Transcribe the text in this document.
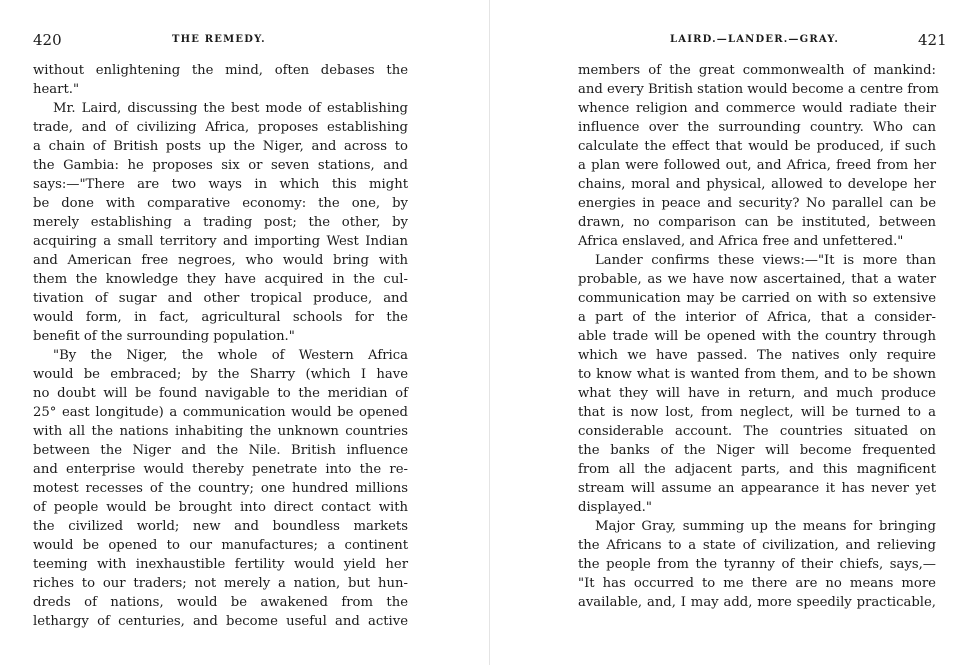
420	THE REMEDY.
without enlightening the mind, often debases the
heart."
Mr. Laird, discussing the best mode of establishing
trade, and of civilizing Africa, proposes establishing
a chain of British posts up the Niger, and across to
the Gambia: he proposes six or seven stations, and
says:—"There are two ways in which this might
be done with comparative economy: the one, by
merely establishing a trading post; the other, by
acquiring a small territory and importing West Indian
and American free negroes, who would bring with
them the knowledge they have acquired in the cul-
tivation of sugar and other tropical produce, and
would form, in fact, agricultural schools for the
benefit of the surrounding population."
"By the Niger, the whole of Western Africa
would be embraced; by the Sharry (which I have
no doubt will be found navigable to the meridian of
25° east longitude) a communication would be opened
with all the nations inhabiting the unknown countries
between the Niger and the Nile. British influence
and enterprise would thereby penetrate into the re-
motest recesses of the country; one hundred millions
of people would be brought into direct contact with
the civilized world; new and boundless markets
would be opened to our manufactures; a continent
teeming with inexhaustible fertility would yield her
riches to our traders; not merely a nation, but hun-
dreds of nations, would be awakened from the
lethargy of centuries, and become useful and active
LAIRD.—LANDER.—GRAY.	421
members of the great commonwealth of mankind:
and every British station would become a centre from
whence religion and commerce would radiate their
influence over the surrounding country. Who can
calculate the effect that would be produced, if such
a plan were followed out, and Africa, freed from her
chains, moral and physical, allowed to develope her
energies in peace and security? No parallel can be
drawn, no comparison can be instituted, between
Africa enslaved, and Africa free and unfettered."
Lander confirms these views:—"It is more than
probable, as we have now ascertained, that a water
communication may be carried on with so extensive
a part of the interior of Africa, that a consider-
able trade will be opened with the country through
which we have passed. The natives only require
to know what is wanted from them, and to be shown
what they will have in return, and much produce
that is now lost, from neglect, will be turned to a
considerable account. The countries situated on
the banks of the Niger will become frequented
from all the adjacent parts, and this magnificent
stream will assume an appearance it has never yet
displayed."
Major Gray, summing up the means for bringing
the Africans to a state of civilization, and relieving
the people from the tyranny of their chiefs, says,—
"It has occurred to me there are no means more
available, and, I may add, more speedily practicable,
